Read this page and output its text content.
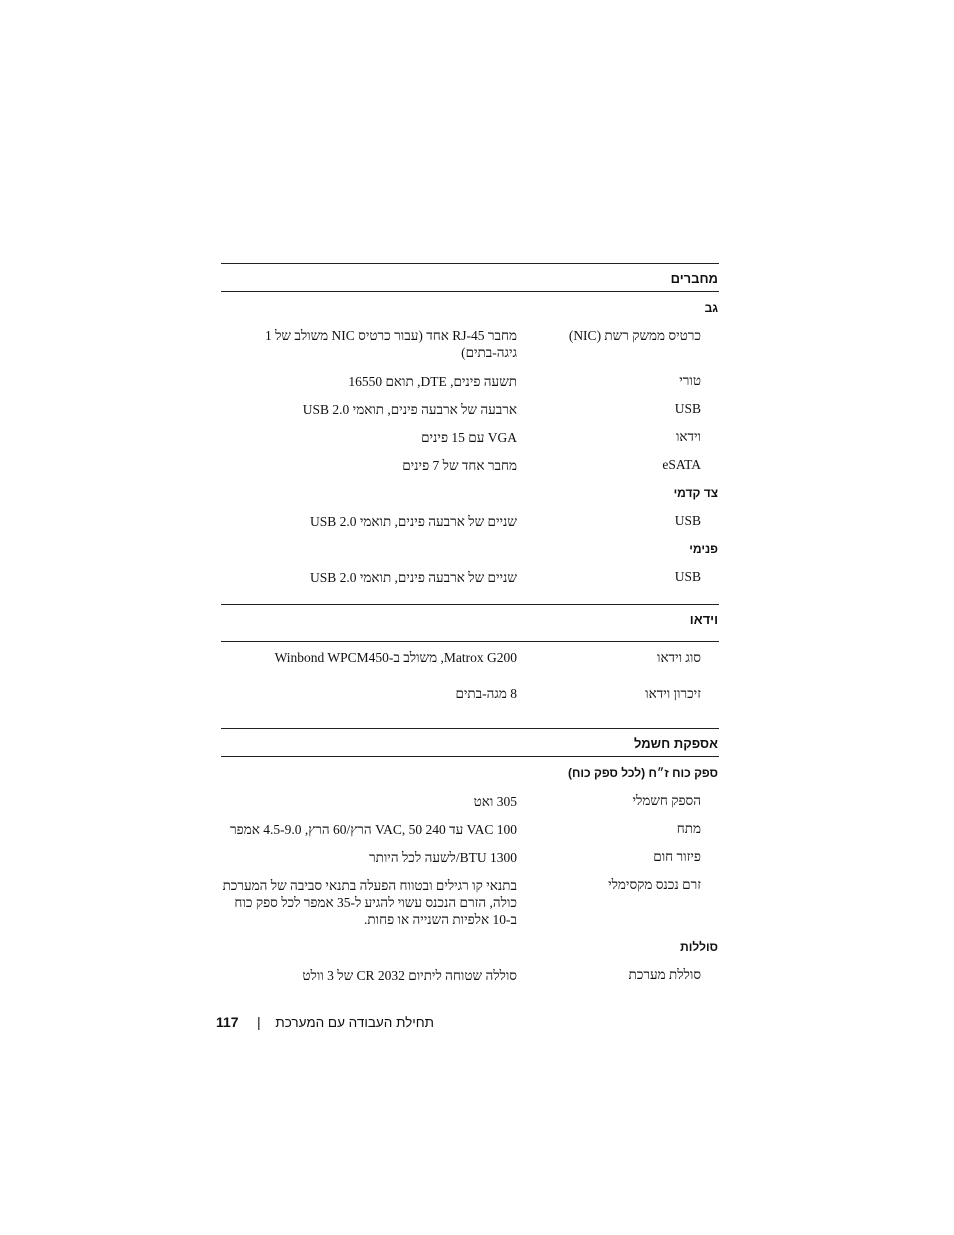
מחברים
גב
כרטיס ממשק רשת (NIC)
מחבר RJ-45 אחד (עבור כרטיס NIC משולב של 1 גיגה-בתים)
טורי
תשעה פינים, DTE, תואם 16550
USB
ארבעה של ארבעה פינים, תואמי USB 2.0
וידאו
VGA עם 15 פינים
eSATA
מחבר אחד של 7 פינים
צד קדמי
USB
שניים של ארבעה פינים, תואמי USB 2.0
פנימי
USB
שניים של ארבעה פינים, תואמי USB 2.0
וידאו
סוג וידאו
Matrox G200, משולב ב-Winbond WPCM450
זיכרון וידאו
8 מגה-בתים
אספקת חשמל
ספק כוח ז״ח (לכל ספק כוח)
הספק חשמלי
305 ואט
מתח
100 VAC עד 240 VAC, 50 הרץ/60 הרץ, 4.5-9.0 אמפר
פיזור חום
1300 BTU/לשעה לכל היותר
זרם נכנס מקסימלי
בתנאי קו רגילים ובטווח הפעלה בתנאי סביבה של המערכת כולה, הזרם הנכנס עשוי להגיע ל-35 אמפר לכל ספק כוח ב-10 אלפיות השנייה או פחות.
סוללות
סוללת מערכת
סוללה שטוחה ליתיום CR 2032 של 3 וולט
117 | תחילת העבודה עם המערכת
